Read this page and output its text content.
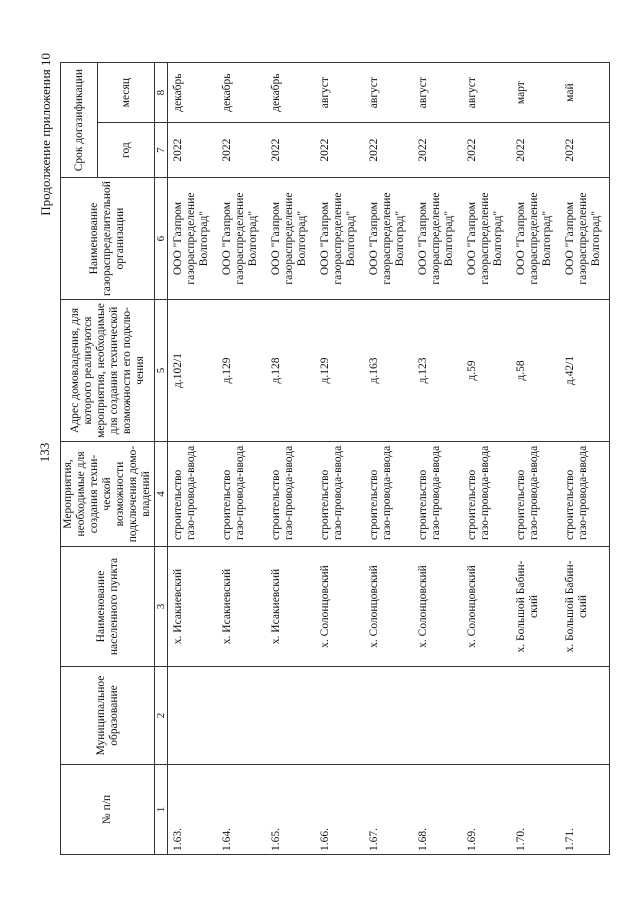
133
Продолжение приложения 10
№ п/п	Муниципальное образование	Наименование населенного пункта	Мероприятия, необходимые для создания техни-ческой возможности подключения домо-владений	Адрес домовладения, для которого реализуются мероприятия, необходимые для создания технической возможности его подклю-чения	Наименование газораспределительной организации	Срок догазификации	
						год	месяц
1	2	3	4	5	6	7	8
1.63.		х. Исакиевский	строительство газо-провода-ввода	д.102/1	ООО "Газпром газораспределение Волгоград"	2022	декабрь
1.64.		х. Исакиевский	строительство газо-провода-ввода	д.129	ООО "Газпром газораспределение Волгоград"	2022	декабрь
1.65.		х. Исакиевский	строительство газо-провода-ввода	д.128	ООО "Газпром газораспределение Волгоград"	2022	декабрь
1.66.		х. Солонцовский	строительство газо-провода-ввода	д.129	ООО "Газпром газораспределение Волгоград"	2022	август
1.67.		х. Солонцовский	строительство газо-провода-ввода	д.163	ООО "Газпром газораспределение Волгоград"	2022	август
1.68.		х. Солонцовский	строительство газо-провода-ввода	д.123	ООО "Газпром газораспределение Волгоград"	2022	август
1.69.		х. Солонцовский	строительство газо-провода-ввода	д.59	ООО "Газпром газораспределение Волгоград"	2022	август
1.70.		х. Большой Бабин-ский	строительство газо-провода-ввода	д.58	ООО "Газпром газораспределение Волгоград"	2022	март
1.71.		х. Большой Бабин-ский	строительство газо-провода-ввода	д.42/1	ООО "Газпром газораспределение Волгоград"	2022	май
